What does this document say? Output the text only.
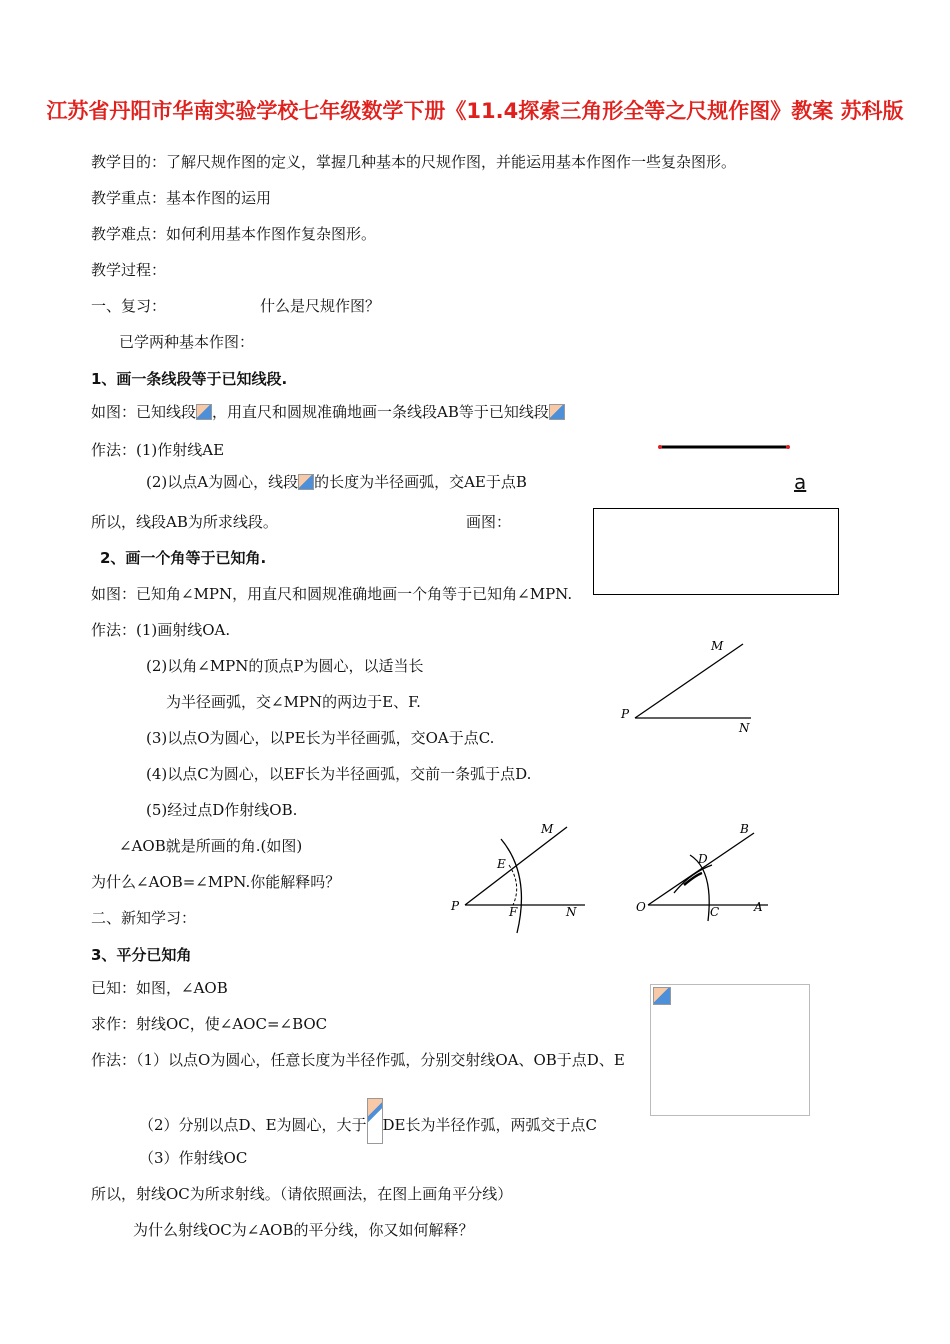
江苏省丹阳市华南实验学校七年级数学下册《11.4探索三角形全等之尺规作图》教案 苏科版
教学目的：了解尺规作图的定义，掌握几种基本的尺规作图，并能运用基本作图作一些复杂图形。
教学重点：基本作图的运用
教学难点：如何利用基本作图作复杂图形。
教学过程：
一、复习：	什么是尺规作图？
已学两种基本作图：
1、画一条线段等于已知线段.
如图：已知线段 ，用直尺和圆规准确地画一条线段AB等于已知线段
作法：(1)作射线AE
(2)以点A为圆心，线段 的长度为半径画弧，交AE于点B	a
所以，线段AB为所求线段。	画图：
2、画一个角等于已知角.
如图：已知角∠MPN，用直尺和圆规准确地画一个角等于已知角∠MPN.
作法：(1)画射线OA.
(2)以角∠MPN的顶点P为圆心，以适当长
为半径画弧，交∠MPN的两边于E、F.
(3)以点O为圆心，以PE长为半径画弧，交OA于点C.
(4)以点C为圆心，以EF长为半径画弧，交前一条弧于点D.
(5)经过点D作射线OB.
∠AOB就是所画的角.(如图)
为什么∠AOB=∠MPN.你能解释吗？
M
P
N
M
E
P	F	N
B
D
O	C	A
二、新知学习：
3、平分已知角
已知：如图，∠AOB
求作：射线OC，使∠AOC=∠BOC
作法：（1）以点O为圆心，任意长度为半径作弧，分别交射线OA、OB于点D、E
（2）分别以点D、E为圆心，大于 DE长为半径作弧，两弧交于点C
（3）作射线OC
所以，射线OC为所求射线。（请依照画法，在图上画角平分线）
为什么射线OC为∠AOB的平分线，你又如何解释？
